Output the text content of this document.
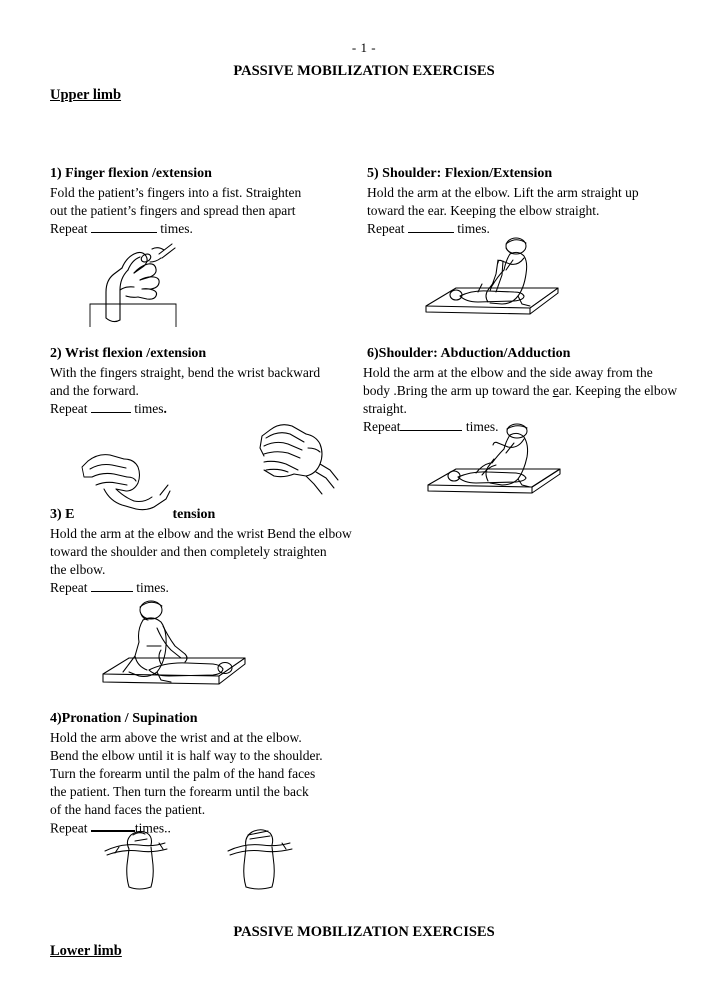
- 1 -
PASSIVE MOBILIZATION EXERCISES
Upper limb
1) Finger flexion /extension
Fold the patient’s fingers into a fist. Straighten
out the patient’s fingers and spread then apart
Repeat	times.
5) Shoulder: Flexion/Extension
Hold the arm at the elbow. Lift the arm straight up
toward the ear. Keeping the elbow straight.
Repeat	times.
2) Wrist flexion /extension
With the fingers straight, bend the wrist backward
and the forward.
Repeat	times.
6)Shoulder: Abduction/Adduction
Hold the arm at the elbow and the side away from the
body .Bring the arm up toward the ear. Keeping the elbow
straight.
Repeat	times.
3) E	tension
Hold the arm at the elbow and the wrist Bend the elbow
toward the shoulder and then completely straighten
the elbow.
Repeat	times.
4)Pronation / Supination
Hold the arm above the wrist and at the elbow.
Bend the elbow until it is half way to the shoulder.
Turn the forearm until the palm of the hand faces
the patient. Then turn the forearm until the back
of the hand faces the patient.
Repeat	times..
PASSIVE MOBILIZATION EXERCISES
Lower limb
